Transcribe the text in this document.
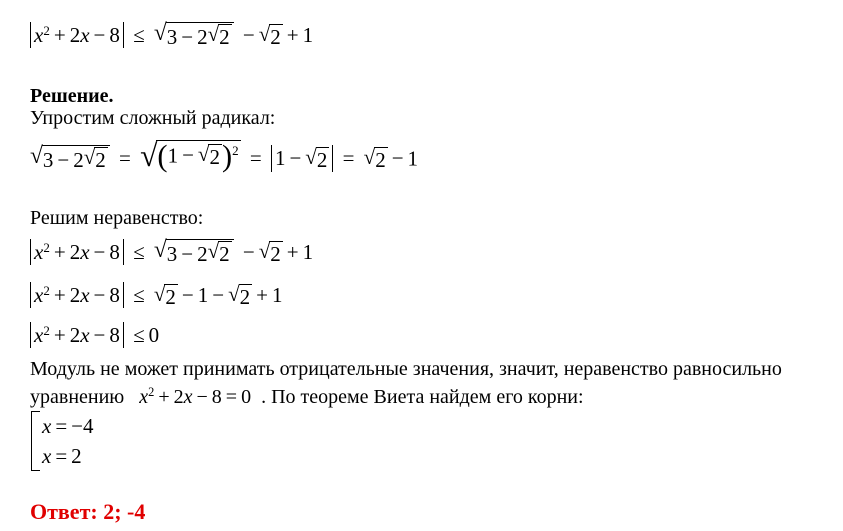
$x^2 + 2x - 8$ ≤ √ 3 − 2 √ 2 − √ 2 + 1
Решение.
Упростим сложный радикал:
√ 3 − 2 √ 2 = √ (1 − √ 2 )$^2$ = 1 − √ 2 = √ 2 − 1
Решим неравенство:
$x^2 + 2x - 8$ ≤ √ 3 − 2 √ 2 − √ 2 + 1
$x^2 + 2x - 8$ ≤ √ 2 − 1 − √ 2 + 1
$x^2 + 2x - 8 \le 0$
Модуль не может принимать отрицательные значения, значит, неравенство равносильно
уравнению $x^2 + 2x - 8 = 0$ . По теореме Виета найдем его корни:
x = −4
x = 2
Ответ: 2; -4
